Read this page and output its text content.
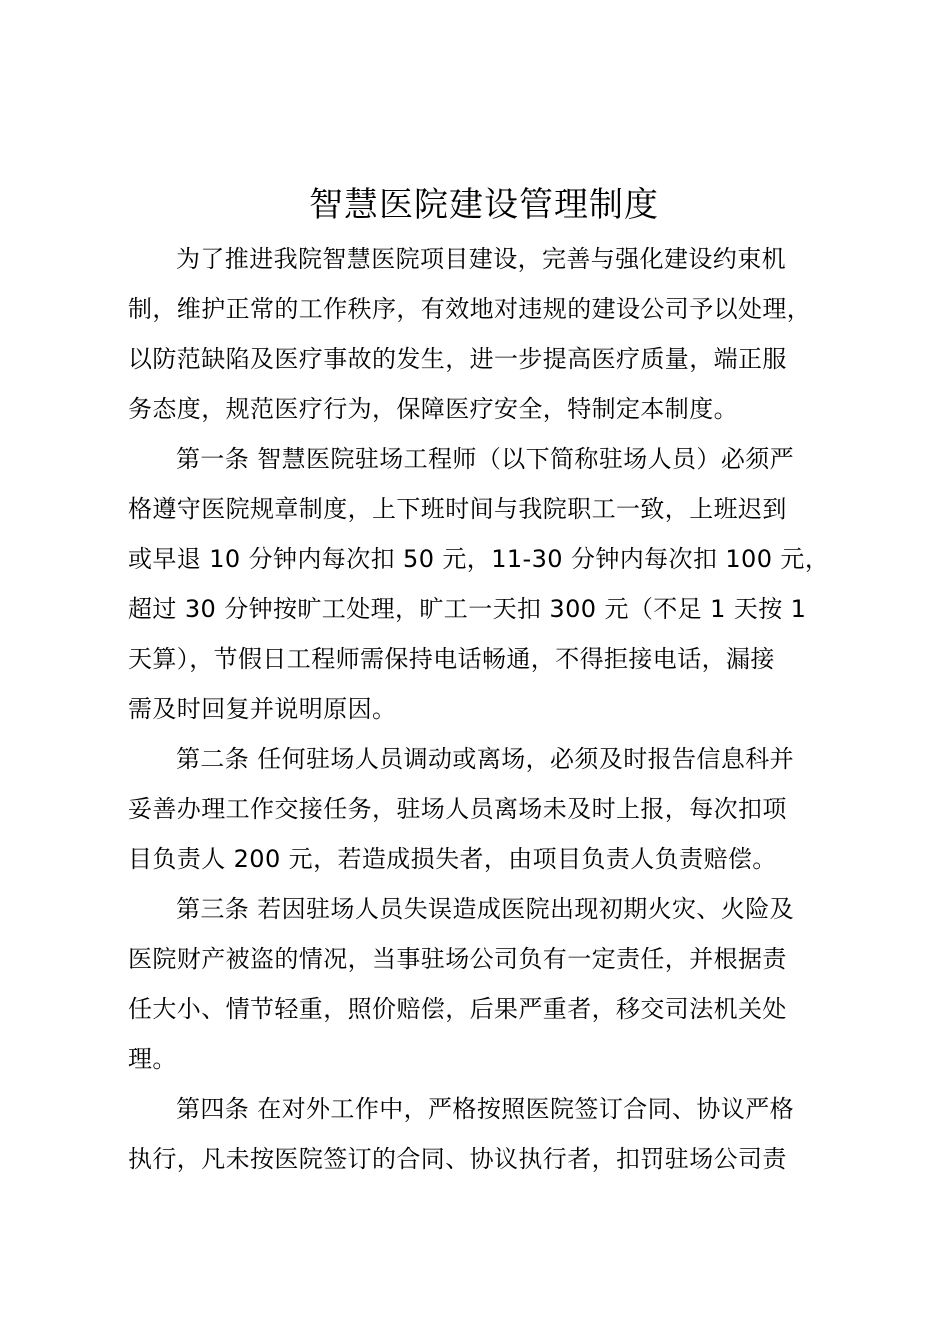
智慧医院建设管理制度
为了推进我院智慧医院项目建设，完善与强化建设约束机
制，维护正常的工作秩序，有效地对违规的建设公司予以处理，
以防范缺陷及医疗事故的发生，进一步提高医疗质量，端正服
务态度，规范医疗行为，保障医疗安全，特制定本制度。
第一条 智慧医院驻场工程师（以下简称驻场人员）必须严
格遵守医院规章制度，上下班时间与我院职工一致，上班迟到
或早退 10 分钟内每次扣 50 元，11-30 分钟内每次扣 100 元，
超过 30 分钟按旷工处理，旷工一天扣 300 元（不足 1 天按 1
天算），节假日工程师需保持电话畅通，不得拒接电话，漏接
需及时回复并说明原因。
第二条 任何驻场人员调动或离场，必须及时报告信息科并
妥善办理工作交接任务，驻场人员离场未及时上报，每次扣项
目负责人 200 元，若造成损失者，由项目负责人负责赔偿。
第三条 若因驻场人员失误造成医院出现初期火灾、火险及
医院财产被盗的情况，当事驻场公司负有一定责任，并根据责
任大小、情节轻重，照价赔偿，后果严重者，移交司法机关处
理。
第四条 在对外工作中，严格按照医院签订合同、协议严格
执行，凡未按医院签订的合同、协议执行者，扣罚驻场公司责
